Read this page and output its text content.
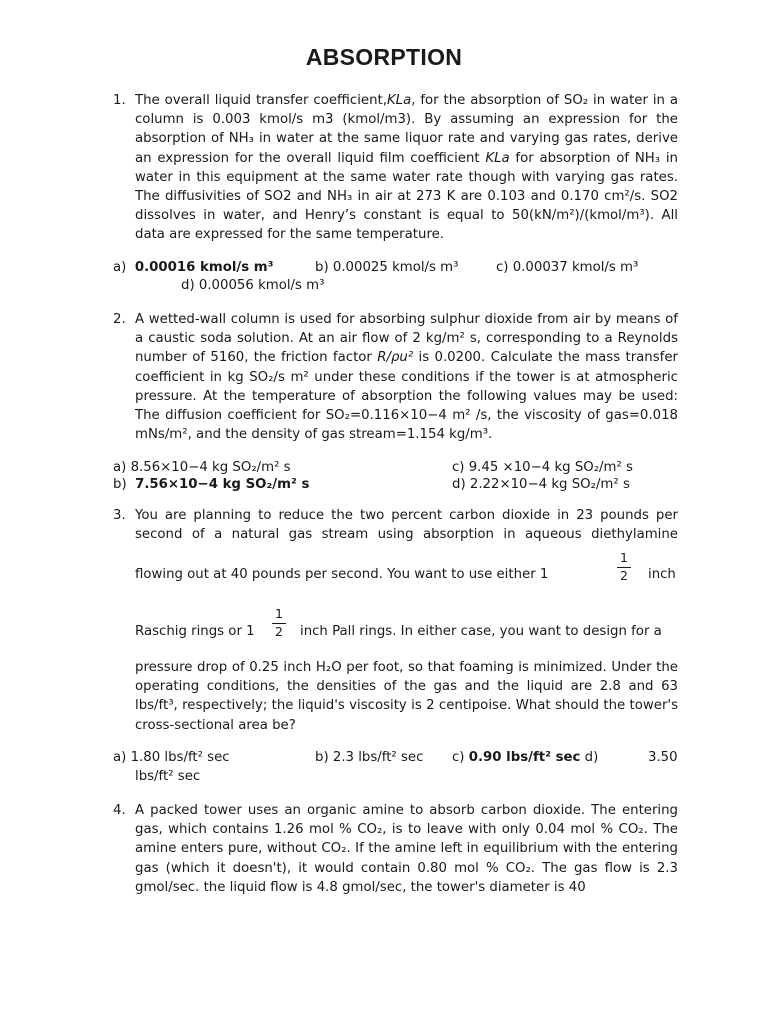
ABSORPTION
1. The overall liquid transfer coefficient,KLa, for the absorption of SO₂ in water in a column is 0.003 kmol/s m3 (kmol/m3). By assuming an expression for the absorption of NH₃ in water at the same liquor rate and varying gas rates, derive an expression for the overall liquid film coefficient KLa for absorption of NH₃ in water in this equipment at the same water rate though with varying gas rates. The diffusivities of SO2 and NH₃ in air at 273 K are 0.103 and 0.170 cm²/s. SO2 dissolves in water, and Henry’s constant is equal to 50(kN/m²)/(kmol/m³). All data are expressed for the same temperature.
a) 0.00016 kmol/s m³	b) 0.00025 kmol/s m³	c) 0.00037 kmol/s m³
d) 0.00056 kmol/s m³
2. A wetted-wall column is used for absorbing sulphur dioxide from air by means of a caustic soda solution. At an air flow of 2 kg/m² s, corresponding to a Reynolds number of 5160, the friction factor R/ρu² is 0.0200. Calculate the mass transfer coefficient in kg SO₂/s m² under these conditions if the tower is at atmospheric pressure. At the temperature of absorption the following values may be used: The diffusion coefficient for SO₂=0.116×10−4 m² /s, the viscosity of gas=0.018 mNs/m², and the density of gas stream=1.154 kg/m³.
a) 8.56×10−4 kg SO₂/m² s
b) 7.56×10−4 kg SO₂/m² s
c) 9.45 ×10−4 kg SO₂/m² s
d) 2.22×10−4 kg SO₂/m² s
3. You are planning to reduce the two percent carbon dioxide in 23 pounds per
second of a natural gas stream using absorption in aqueous diethylamine
flowing out at 40 pounds per second. You want to use either 1
1
2 inch
Raschig rings or 1
1
2 inch Pall rings. In either case, you want to design for a
pressure drop of 0.25 inch H₂O per foot, so that foaming is minimized. Under the operating conditions, the densities of the gas and the liquid are 2.8 and 63 lbs/ft³, respectively; the liquid's viscosity is 2 centipoise. What should the tower's cross-sectional area be?
a) 1.80 lbs/ft² sec	b) 2.3 lbs/ft² sec c) 0.90 lbs/ft² sec d)	3.50
lbs/ft² sec
4. A packed tower uses an organic amine to absorb carbon dioxide. The entering gas, which contains 1.26 mol % CO₂, is to leave with only 0.04 mol % CO₂. The amine enters pure, without CO₂. If the amine left in equilibrium with the entering gas (which it doesn't), it would contain 0.80 mol % CO₂. The gas flow is 2.3 gmol/sec. the liquid flow is 4.8 gmol/sec, the tower's diameter is 40
